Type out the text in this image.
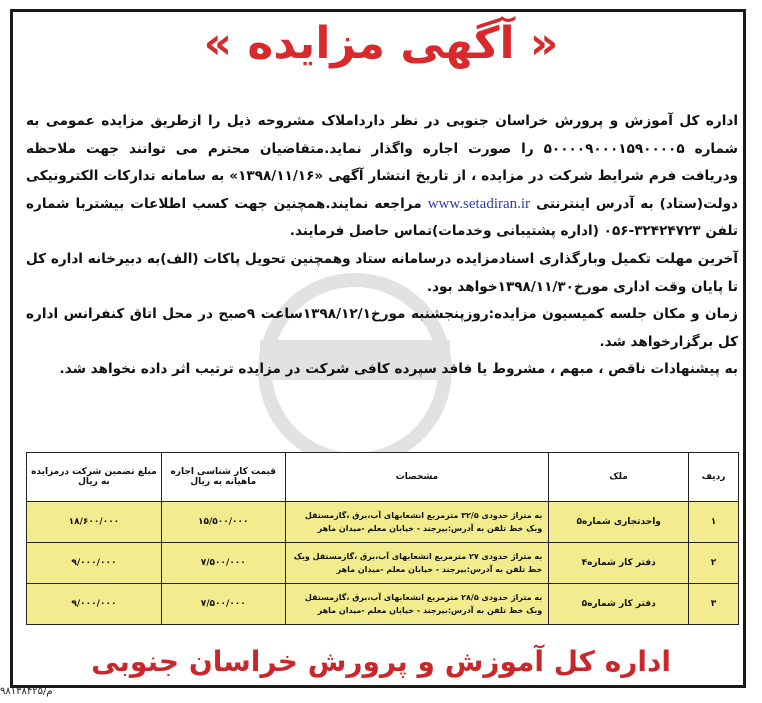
« آگهی مزایده »

اداره کل آموزش و پرورش خراسان جنوبی در نظر دارداملاک مشروحه ذیل را ازطریق مزایده عمومی به شماره ۵۰۰۰۰۹۰۰۰۱۵۹۰۰۰۰۵ را صورت اجاره واگذار نماید.متقاضیان محترم می توانند جهت ملاحظه ودریافت فرم شرایط شرکت در مزایده ، از تاریخ انتشار آگهی «۱۳۹۸/۱۱/۱۶» به سامانه تدارکات الکترونیکی دولت(ستاد) به آدرس اینترنتی www.setadiran.ir مراجعه نمایند.همچنین جهت کسب اطلاعات بیشتربا شماره تلفن ۳۲۴۲۴۷۲۳-۰۵۶ (اداره پشتیبانی وخدمات)تماس حاصل فرمایند.

آخرین مهلت تکمیل وبارگذاری اسنادمزایده درسامانه ستاد وهمچنین تحویل پاکات (الف)به دبیرخانه اداره کل تا پایان وقت اداری مورخ۱۳۹۸/۱۱/۳۰خواهد بود.

زمان و مکان جلسه کمیسیون مزایده:روزپنجشنبه مورخ۱۳۹۸/۱۲/۱ساعت ۹صبح در محل اتاق کنفرانس اداره کل برگزارخواهد شد.

به پیشنهادات ناقص ، مبهم ، مشروط یا فاقد سپرده کافی شرکت در مزایده ترتیب اثر داده نخواهد شد.

ردیف	ملک	مشخصات	قیمت کار شناسی اجاره ماهیانه به ریال	مبلغ تضمین شرکت درمزایده به ریال
۱	واحدتجاری شماره۵	به متراژ حدودی ۳۲/۵ مترمربع انشعابهای آب،برق ،گازمستقل وبک خط تلفن به آدرس:بیرجند - خیابان معلم -میدان ماهر	۱۵/۵۰۰/۰۰۰	۱۸/۶۰۰/۰۰۰
۲	دفتر کار شماره۴	به متراژ حدودی ۲۷ مترمربع انشعابهای آب،برق ،گازمستقل وبک خط تلفن به آدرس:بیرجند - خیابان معلم -میدان ماهر	۷/۵۰۰/۰۰۰	۹/۰۰۰/۰۰۰
۳	دفتر کار شماره۵	به متراژ حدودی ۲۸/۵ مترمربع انشعابهای آب،برق ،گازمستقل وبک خط تلفن به آدرس:بیرجند - خیابان معلم -میدان ماهر	۷/۵۰۰/۰۰۰	۹/۰۰۰/۰۰۰
اداره کل آموزش و پرورش خراسان جنوبی
۹۸۱۳۸۴۲۵/م
